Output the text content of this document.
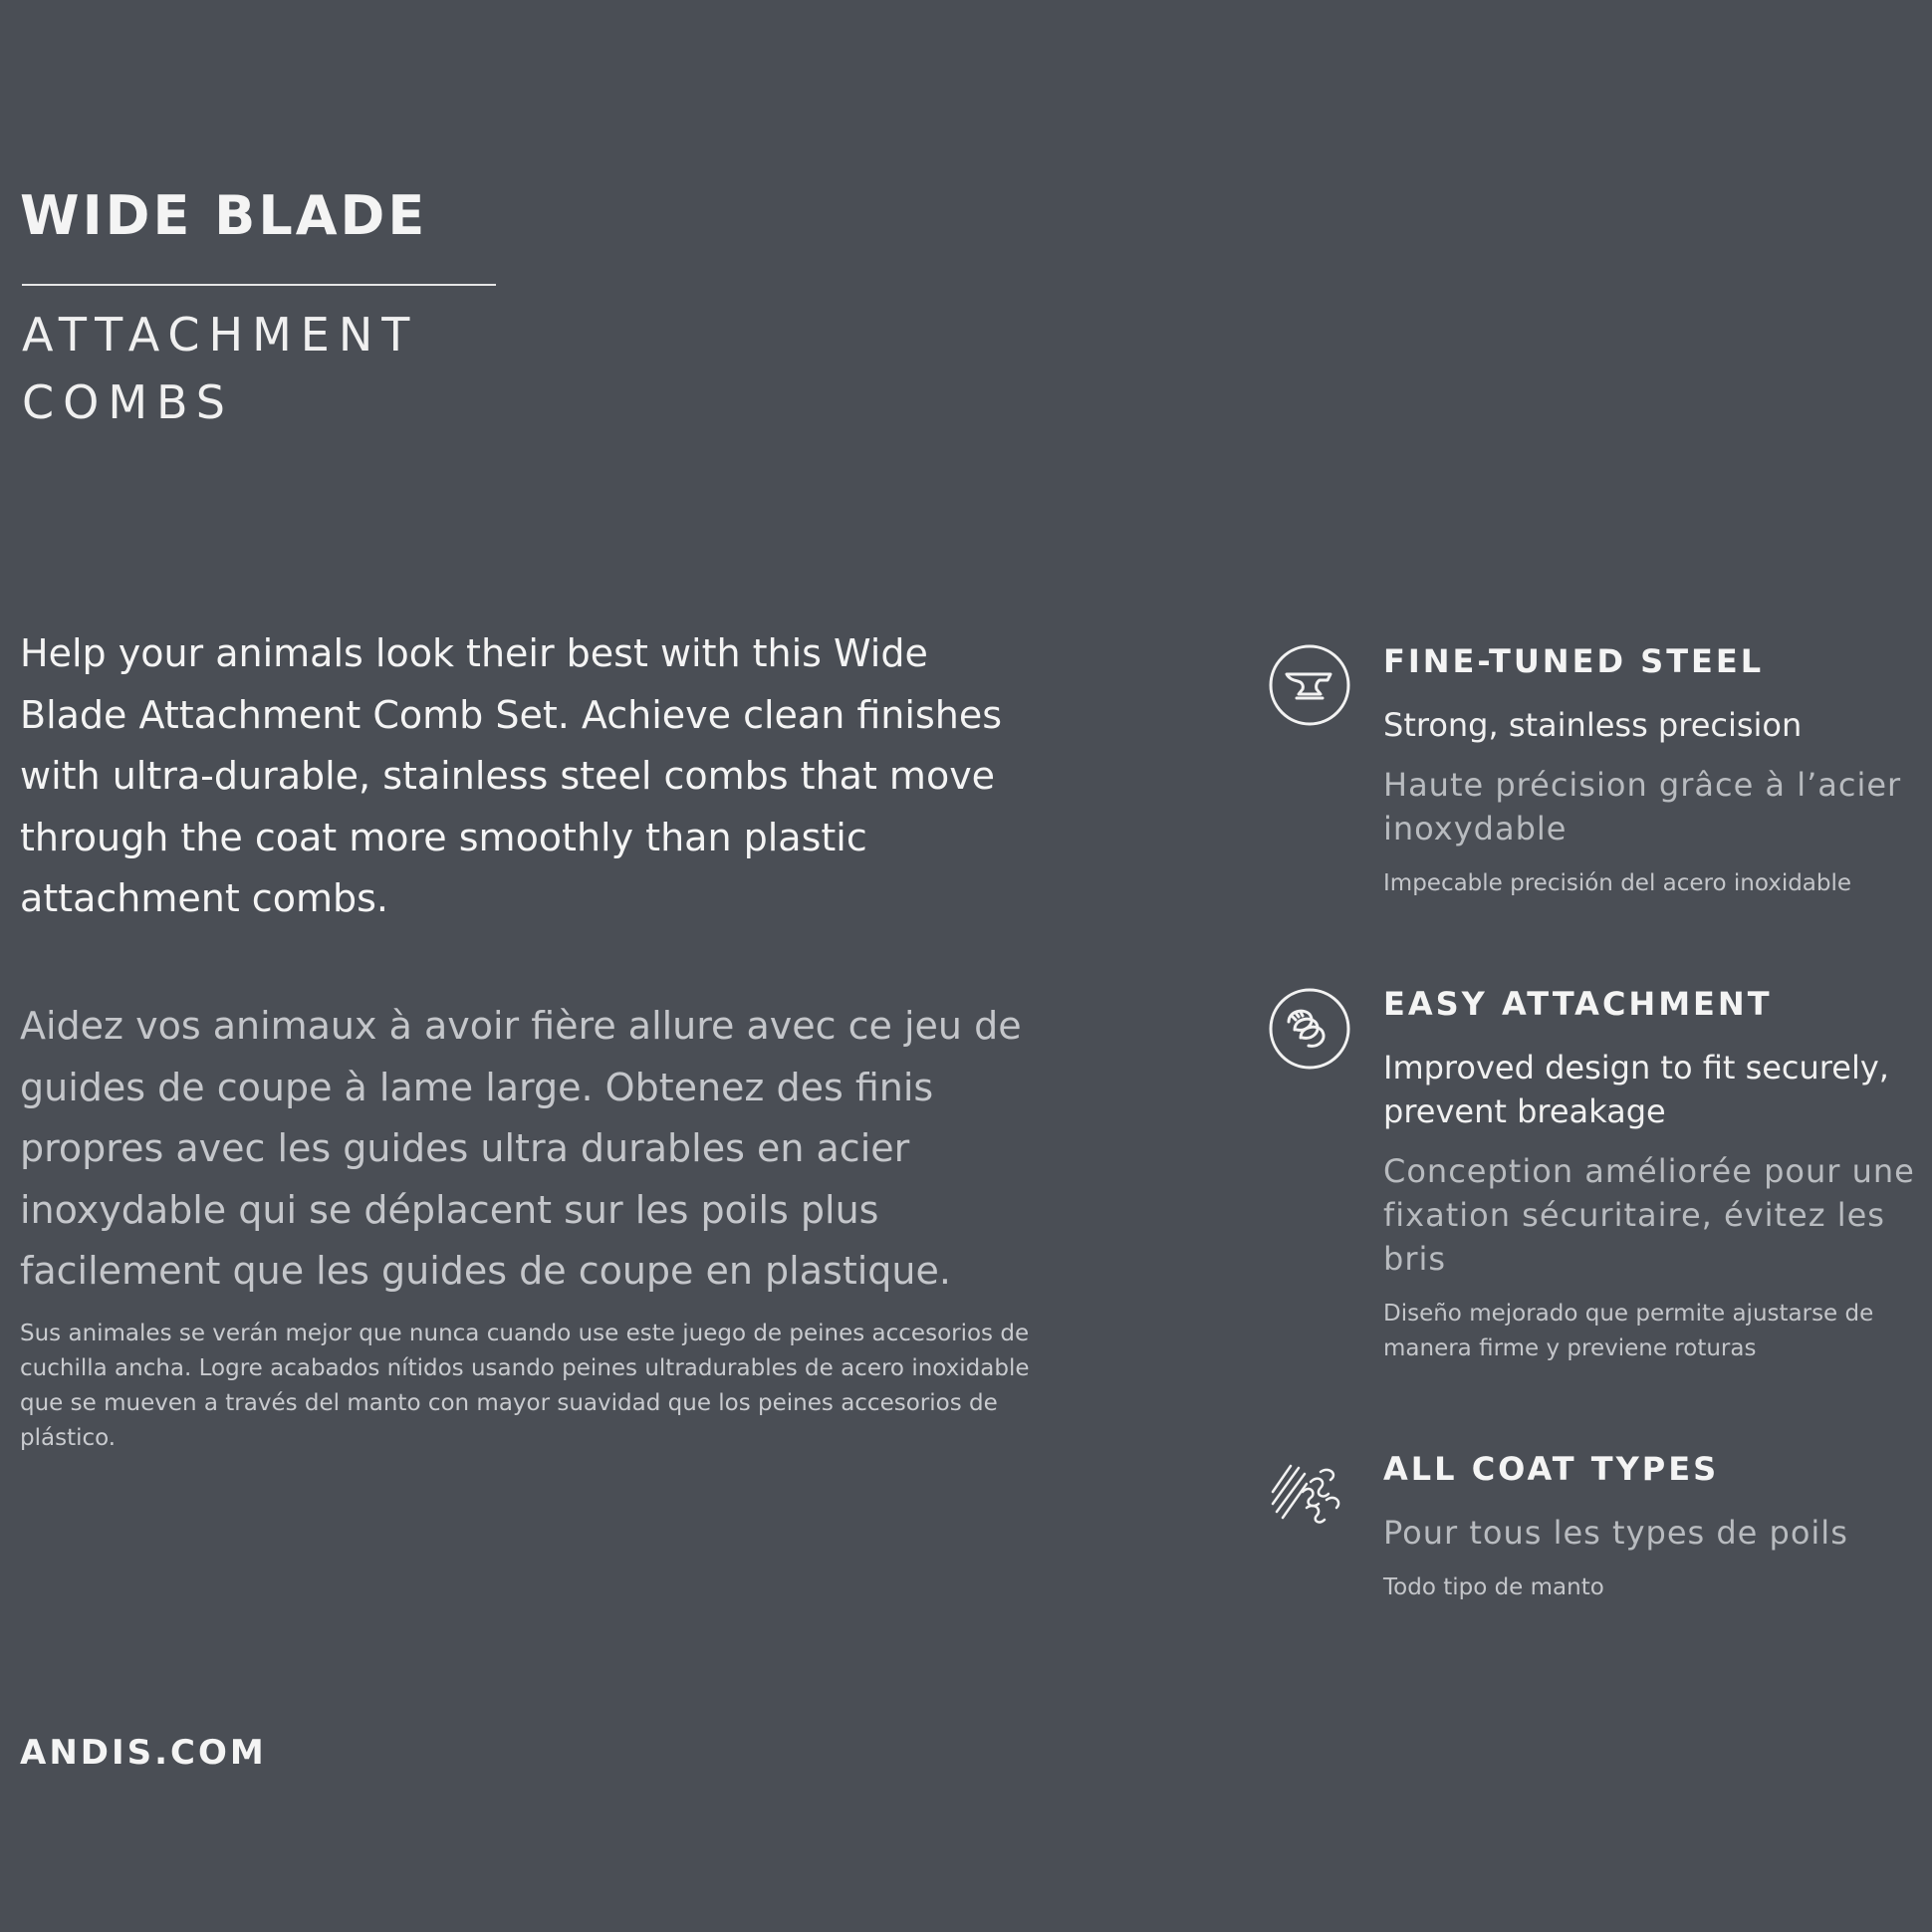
WIDE BLADE
ATTACHMENT
COMBS
Help your animals look their best with this Wide Blade Attachment Comb Set. Achieve clean finishes with ultra-durable, stainless steel combs that move through the coat more smoothly than plastic attachment combs.
Aidez vos animaux à avoir fière allure avec ce jeu de guides de coupe à lame large. Obtenez des finis propres avec les guides ultra durables en acier inoxydable qui se déplacent sur les poils plus facilement que les guides de coupe en plastique.
Sus animales se verán mejor que nunca cuando use este juego de peines accesorios de cuchilla ancha. Logre acabados nítidos usando peines ultradurables de acero inoxidable que se mueven a través del manto con mayor suavidad que los peines accesorios de plástico.
FINE-TUNED STEEL
Strong, stainless precision
Haute précision grâce à l’acier inoxydable
Impecable precisión del acero inoxidable
EASY ATTACHMENT
Improved design to fit securely, prevent breakage
Conception améliorée pour une fixation sécuritaire, évitez les bris
Diseño mejorado que permite ajustarse de manera firme y previene roturas
ALL COAT TYPES
Pour tous les types de poils
Todo tipo de manto
ANDIS.COM
